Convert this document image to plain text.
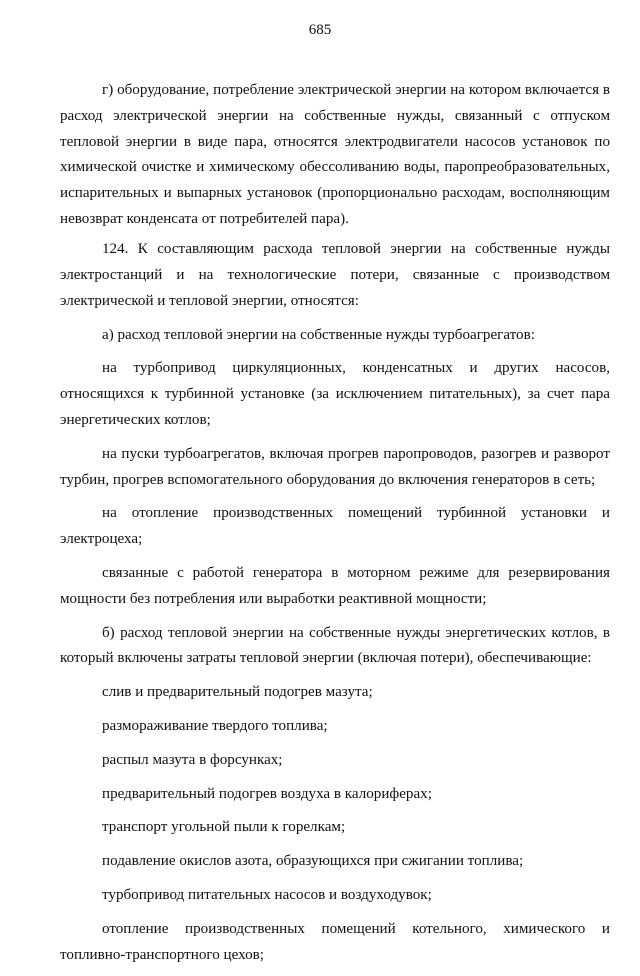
685

г) оборудование, потребление электрической энергии на котором включается в расход электрической энергии на собственные нужды, связанный с отпуском тепловой энергии в виде пара, относятся электродвигатели насосов установок по химической очистке и химическому обессоливанию воды, паропреобразовательных, испарительных и выпарных установок (пропорционально расходам, восполняющим невозврат конденсата от потребителей пара).

124. К составляющим расхода тепловой энергии на собственные нужды электростанций и на технологические потери, связанные с производством электрической и тепловой энергии, относятся:

а) расход тепловой энергии на собственные нужды турбоагрегатов:

на турбопривод циркуляционных, конденсатных и других насосов, относящихся к турбинной установке (за исключением питательных), за счет пара энергетических котлов;

на пуски турбоагрегатов, включая прогрев паропроводов, разогрев и разворот турбин, прогрев вспомогательного оборудования до включения генераторов в сеть;

на отопление производственных помещений турбинной установки и электроцеха;

связанные с работой генератора в моторном режиме для резервирования мощности без потребления или выработки реактивной мощности;

б) расход тепловой энергии на собственные нужды энергетических котлов, в который включены затраты тепловой энергии (включая потери), обеспечивающие:

слив и предварительный подогрев мазута;

размораживание твердого топлива;

распыл мазута в форсунках;

предварительный подогрев воздуха в калориферах;

транспорт угольной пыли к горелкам;

подавление окислов азота, образующихся при сжигании топлива;

турбопривод питательных насосов и воздуходувок;

отопление производственных помещений котельного, химического и топливно-транспортного цехов;
